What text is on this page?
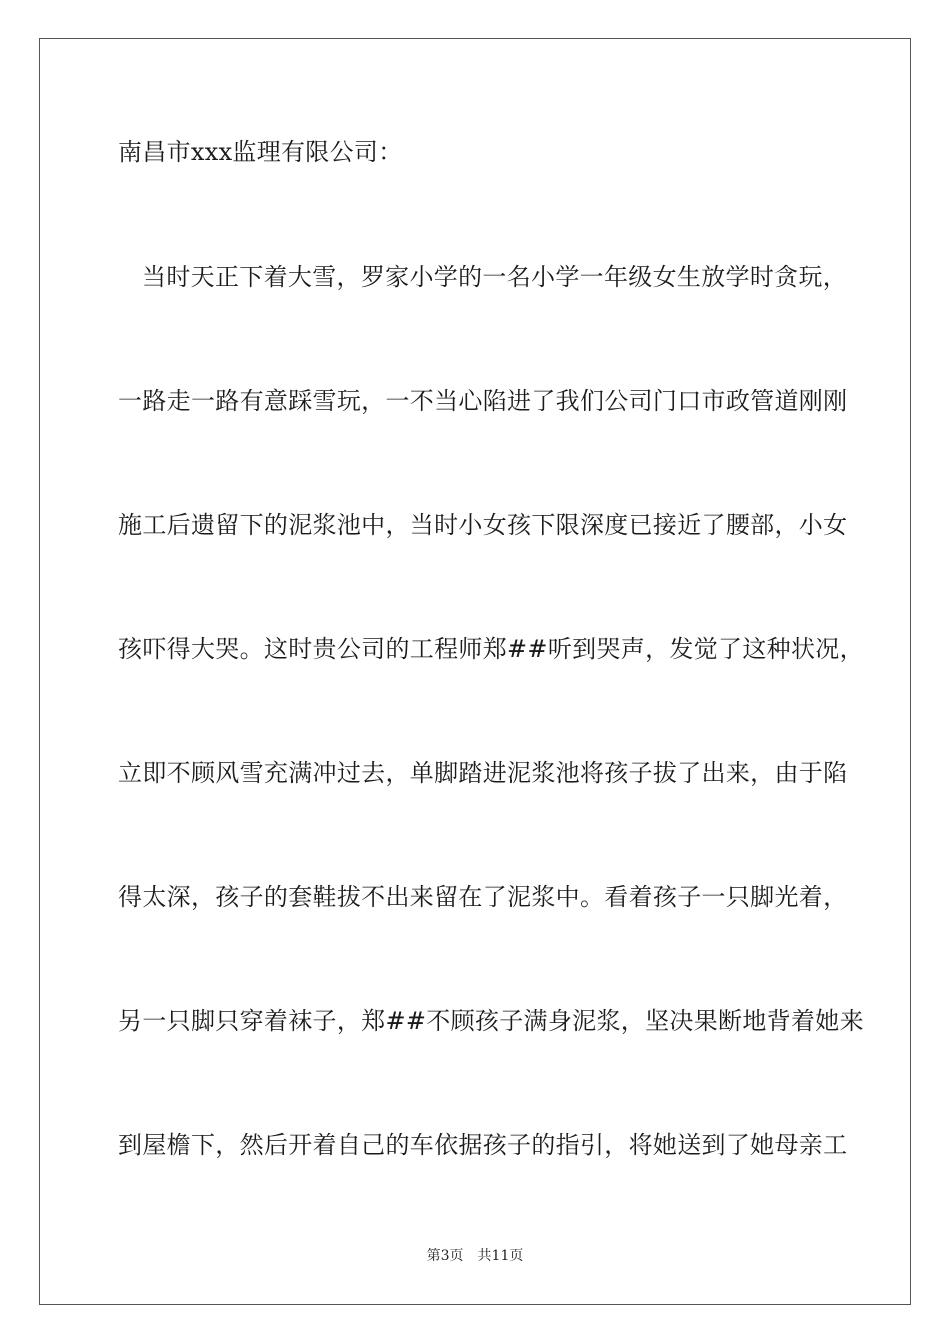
南昌市xxx监理有限公司：
当 时 天 正 下 着 大 雪 ， 罗 家 小 学 的 一 名 小 学 一 年 级 女 生 放 学 时 贪 玩 ，
一 路 走 一 路 有 意 踩 雪 玩 ， 一 不 当 心 陷 进 了 我 们 公 司 门 口 市 政 管 道 刚 刚
施 工 后 遗 留 下 的 泥 浆 池 中 ， 当 时 小 女 孩 下 限 深 度 已 接 近 了 腰 部 ， 小 女
孩 吓 得 大 哭 。 这 时 贵 公 司 的 工 程 师 郑 ## 听 到 哭 声 ， 发 觉 了 这 种 状 况 ，
立 即 不 顾 风 雪 充 满 冲 过 去 ， 单 脚 踏 进 泥 浆 池 将 孩 子 拔 了 出 来 ， 由 于 陷
得 太 深 ， 孩 子 的 套 鞋 拔 不 出 来 留 在 了 泥 浆 中 。 看 着 孩 子 一 只 脚 光 着 ，
另 一 只 脚 只 穿 着 袜 子 ， 郑 ## 不 顾 孩 子 满 身 泥 浆 ， 坚 决 果 断 地 背 着 她 来
到 屋 檐 下 ， 然 后 开 着 自 己 的 车 依 据 孩 子 的 指 引 ， 将 她 送 到 了 她 母 亲 工
第3页 共11页
